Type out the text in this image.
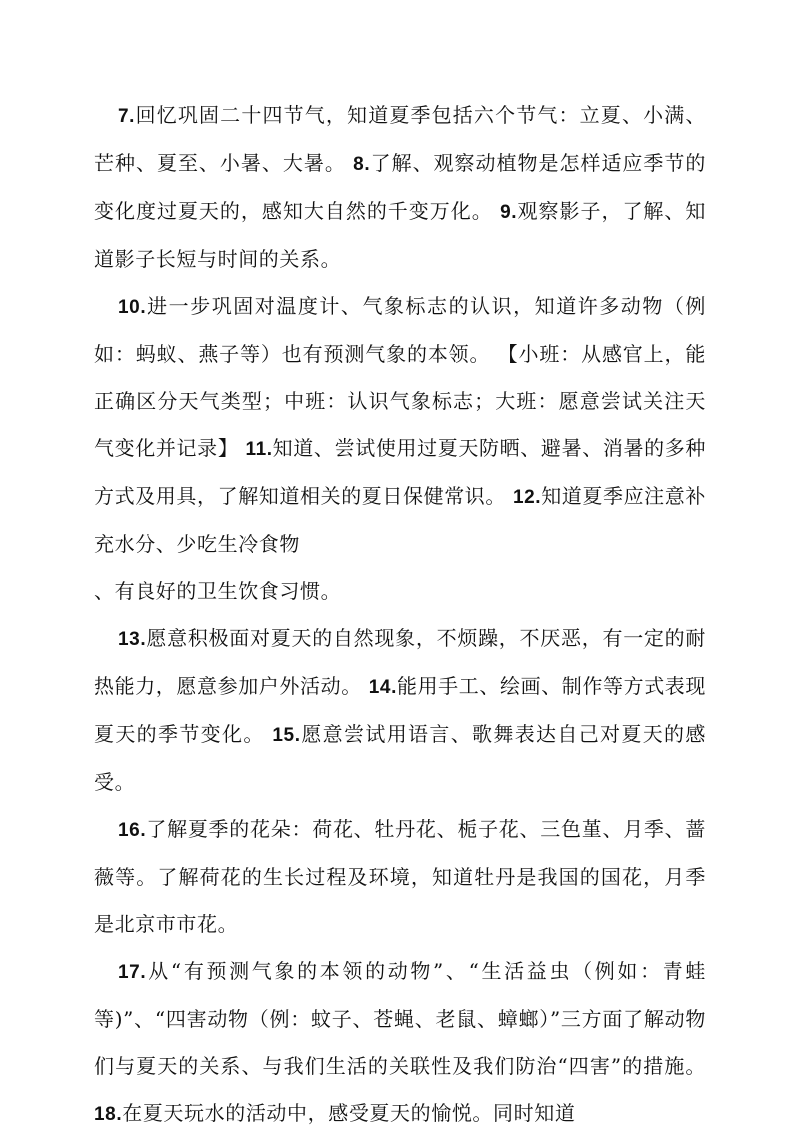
7.回忆巩固二十四节气，知道夏季包括六个节气：立夏、小满、芒种、夏至、小暑、大暑。 8.了解、观察动植物是怎样适应季节的变化度过夏天的，感知大自然的千变万化。 9.观察影子，了解、知道影子长短与时间的关系。

10.进一步巩固对温度计、气象标志的认识，知道许多动物（例如：蚂蚁、燕子等）也有预测气象的本领。 【小班：从感官上，能正确区分天气类型；中班：认识气象标志；大班：愿意尝试关注天气变化并记录】 11.知道、尝试使用过夏天防晒、避暑、消暑的多种方式及用具，了解知道相关的夏日保健常识。 12.知道夏季应注意补充水分、少吃生冷食物

、有良好的卫生饮食习惯。

13.愿意积极面对夏天的自然现象，不烦躁，不厌恶，有一定的耐热能力，愿意参加户外活动。 14.能用手工、绘画、制作等方式表现夏天的季节变化。 15.愿意尝试用语言、歌舞表达自己对夏天的感受。

16.了解夏季的花朵：荷花、牡丹花、栀子花、三色堇、月季、蔷薇等。了解荷花的生长过程及环境，知道牡丹是我国的国花，月季是北京市市花。

17.从“有预测气象的本领的动物”、“生活益虫（例如：青蛙等)”、“四害动物（例：蚊子、苍蝇、老鼠、蟑螂）”三方面了解动物们与夏天的关系、与我们生活的关联性及我们防治“四害”的措施。 18.在夏天玩水的活动中，感受夏天的愉悦。同时知道
